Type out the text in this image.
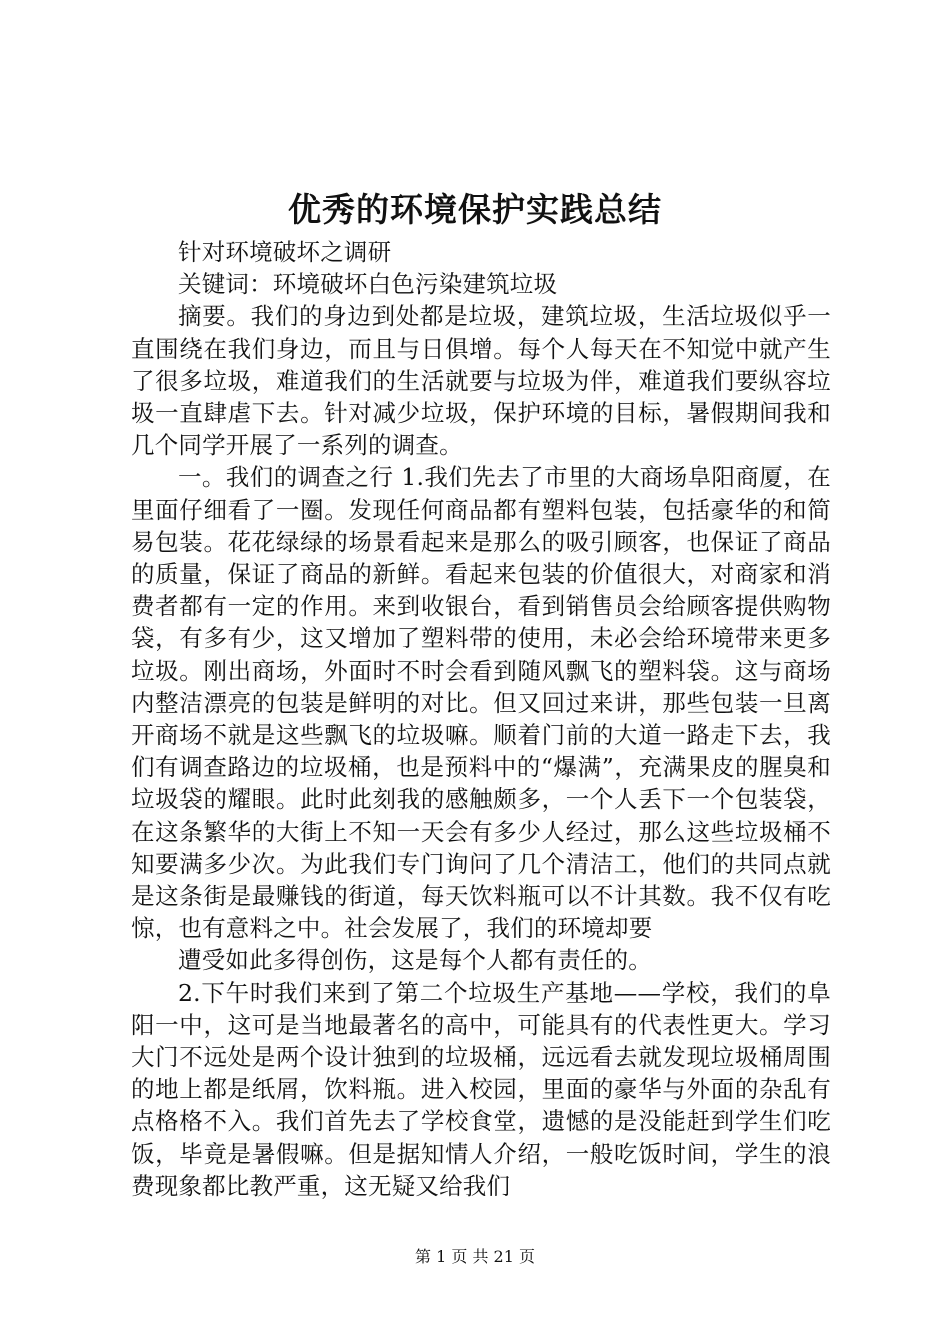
优秀的环境保护实践总结

针对环境破坏之调研

关键词：环境破坏白色污染建筑垃圾

摘要。我们的身边到处都是垃圾，建筑垃圾，生活垃圾似乎一直围绕在我们身边，而且与日俱增。每个人每天在不知觉中就产生了很多垃圾，难道我们的生活就要与垃圾为伴，难道我们要纵容垃圾一直肆虐下去。针对减少垃圾，保护环境的目标，暑假期间我和几个同学开展了一系列的调查。

一。我们的调查之行 1.我们先去了市里的大商场阜阳商厦，在里面仔细看了一圈。发现任何商品都有塑料包装，包括豪华的和简易包装。花花绿绿的场景看起来是那么的吸引顾客，也保证了商品的质量，保证了商品的新鲜。看起来包装的价值很大，对商家和消费者都有一定的作用。来到收银台，看到销售员会给顾客提供购物袋，有多有少，这又增加了塑料带的使用，未必会给环境带来更多垃圾。刚出商场，外面时不时会看到随风飘飞的塑料袋。这与商场内整洁漂亮的包装是鲜明的对比。但又回过来讲，那些包装一旦离开商场不就是这些飘飞的垃圾嘛。顺着门前的大道一路走下去，我们有调查路边的垃圾桶，也是预料中的“爆满”，充满果皮的腥臭和垃圾袋的耀眼。此时此刻我的感触颇多，一个人丢下一个包装袋，在这条繁华的大街上不知一天会有多少人经过，那么这些垃圾桶不知要满多少次。为此我们专门询问了几个清洁工，他们的共同点就是这条街是最赚钱的街道，每天饮料瓶可以不计其数。我不仅有吃惊，也有意料之中。社会发展了，我们的环境却要

遭受如此多得创伤，这是每个人都有责任的。

2.下午时我们来到了第二个垃圾生产基地——学校，我们的阜阳一中，这可是当地最著名的高中，可能具有的代表性更大。学习大门不远处是两个设计独到的垃圾桶，远远看去就发现垃圾桶周围的地上都是纸屑，饮料瓶。进入校园，里面的豪华与外面的杂乱有点格格不入。我们首先去了学校食堂，遗憾的是没能赶到学生们吃饭，毕竟是暑假嘛。但是据知情人介绍，一般吃饭时间，学生的浪费现象都比教严重，这无疑又给我们

第 1 页 共 21 页
